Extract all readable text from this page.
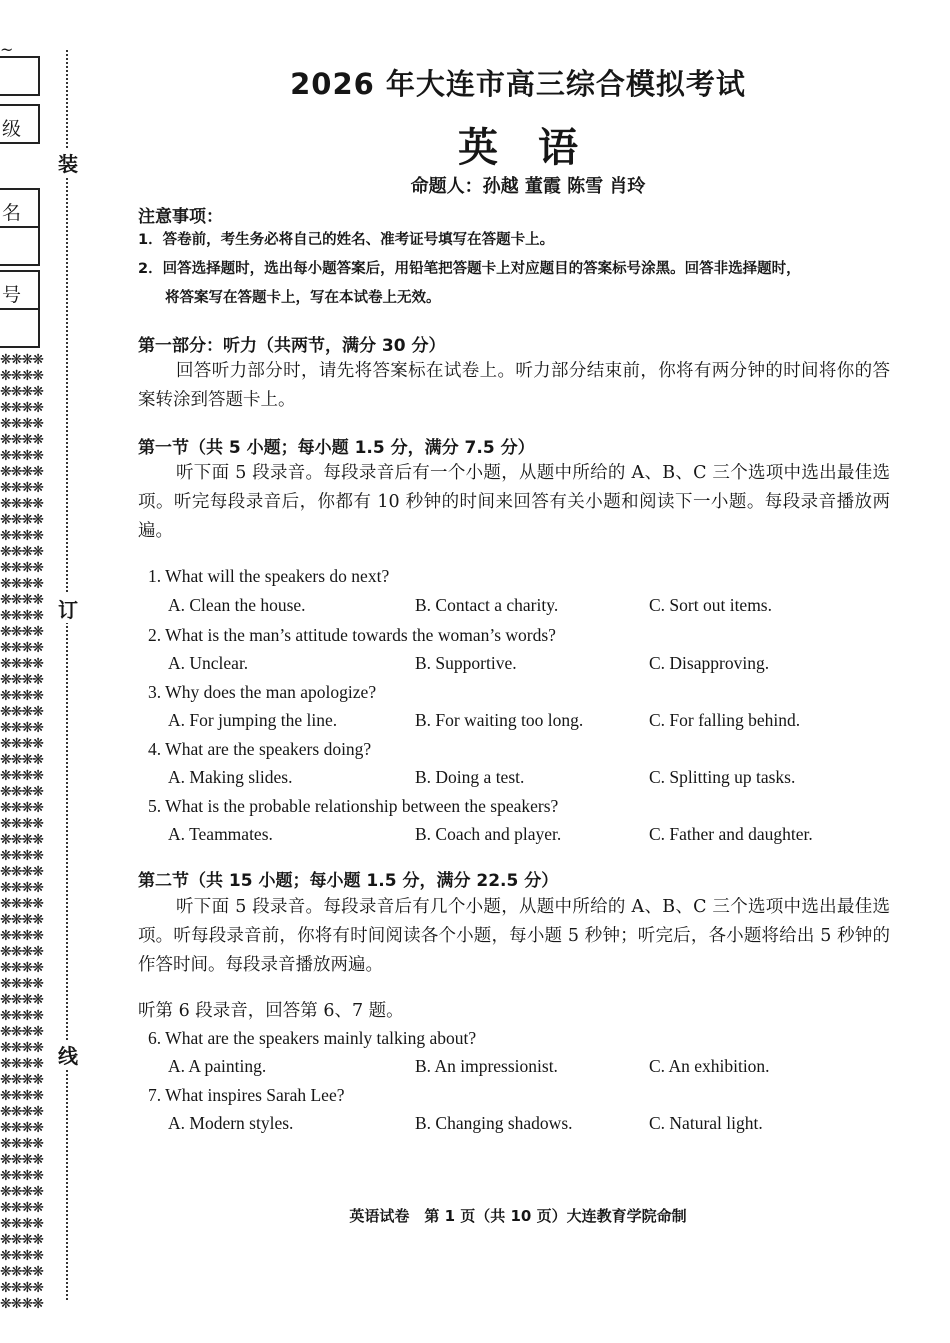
~
级
名
号
❋❋❋❋❋❋❋❋❋❋❋❋❋❋❋❋❋❋❋❋❋❋❋❋❋❋❋❋❋❋❋❋❋❋❋❋❋❋❋❋❋❋❋❋❋❋❋❋❋❋❋❋❋❋❋❋❋❋❋❋❋❋❋❋❋❋❋❋❋❋❋❋❋❋❋❋❋❋❋❋❋❋❋❋❋❋❋❋❋❋❋❋❋❋❋❋❋❋❋❋❋❋❋❋❋❋❋❋❋❋❋❋❋❋❋❋❋❋❋❋❋❋❋❋❋❋❋❋❋❋❋❋❋❋❋❋❋❋❋❋❋❋❋❋❋❋❋❋❋❋❋❋❋❋❋❋❋❋❋❋❋❋❋❋❋❋❋❋❋❋❋❋❋❋❋❋❋❋❋❋❋❋❋❋❋❋❋❋❋❋❋❋❋❋❋❋❋❋❋❋❋❋❋❋❋❋❋❋❋❋❋❋❋❋❋❋❋❋❋❋❋❋❋❋❋❋❋❋❋❋❋❋❋❋❋❋❋❋❋❋
装
订
线
2026 年大连市高三综合模拟考试
英语
命题人：孙越 董霞 陈雪 肖玲
注意事项：
1．答卷前，考生务必将自己的姓名、准考证号填写在答题卡上。
2．回答选择题时，选出每小题答案后，用铅笔把答题卡上对应题目的答案标号涂黑。回答非选择题时，
将答案写在答题卡上，写在本试卷上无效。
第一部分：听力（共两节，满分 30 分）
回答听力部分时，请先将答案标在试卷上。听力部分结束前，你将有两分钟的时间将你的答案转涂到答题卡上。
第一节（共 5 小题；每小题 1.5 分，满分 7.5 分）
听下面 5 段录音。每段录音后有一个小题，从题中所给的 A、B、C 三个选项中选出最佳选项。听完每段录音后，你都有 10 秒钟的时间来回答有关小题和阅读下一小题。每段录音播放两遍。
1. What will the speakers do next?
A. Clean the house.	B. Contact a charity.	C. Sort out items.
2. What is the man’s attitude towards the woman’s words?
A. Unclear.	B. Supportive.	C. Disapproving.
3. Why does the man apologize?
A. For jumping the line.	B. For waiting too long.	C. For falling behind.
4. What are the speakers doing?
A. Making slides.	B. Doing a test.	C. Splitting up tasks.
5. What is the probable relationship between the speakers?
A. Teammates.	B. Coach and player.	C. Father and daughter.
第二节（共 15 小题；每小题 1.5 分，满分 22.5 分）
听下面 5 段录音。每段录音后有几个小题，从题中所给的 A、B、C 三个选项中选出最佳选项。听每段录音前，你将有时间阅读各个小题，每小题 5 秒钟；听完后，各小题将给出 5 秒钟的作答时间。每段录音播放两遍。
听第 6 段录音，回答第 6、7 题。
6. What are the speakers mainly talking about?
A. A painting.	B. An impressionist.	C. An exhibition.
7. What inspires Sarah Lee?
A. Modern styles.	B. Changing shadows.	C. Natural light.
英语试卷　第 1 页（共 10 页）大连教育学院命制
